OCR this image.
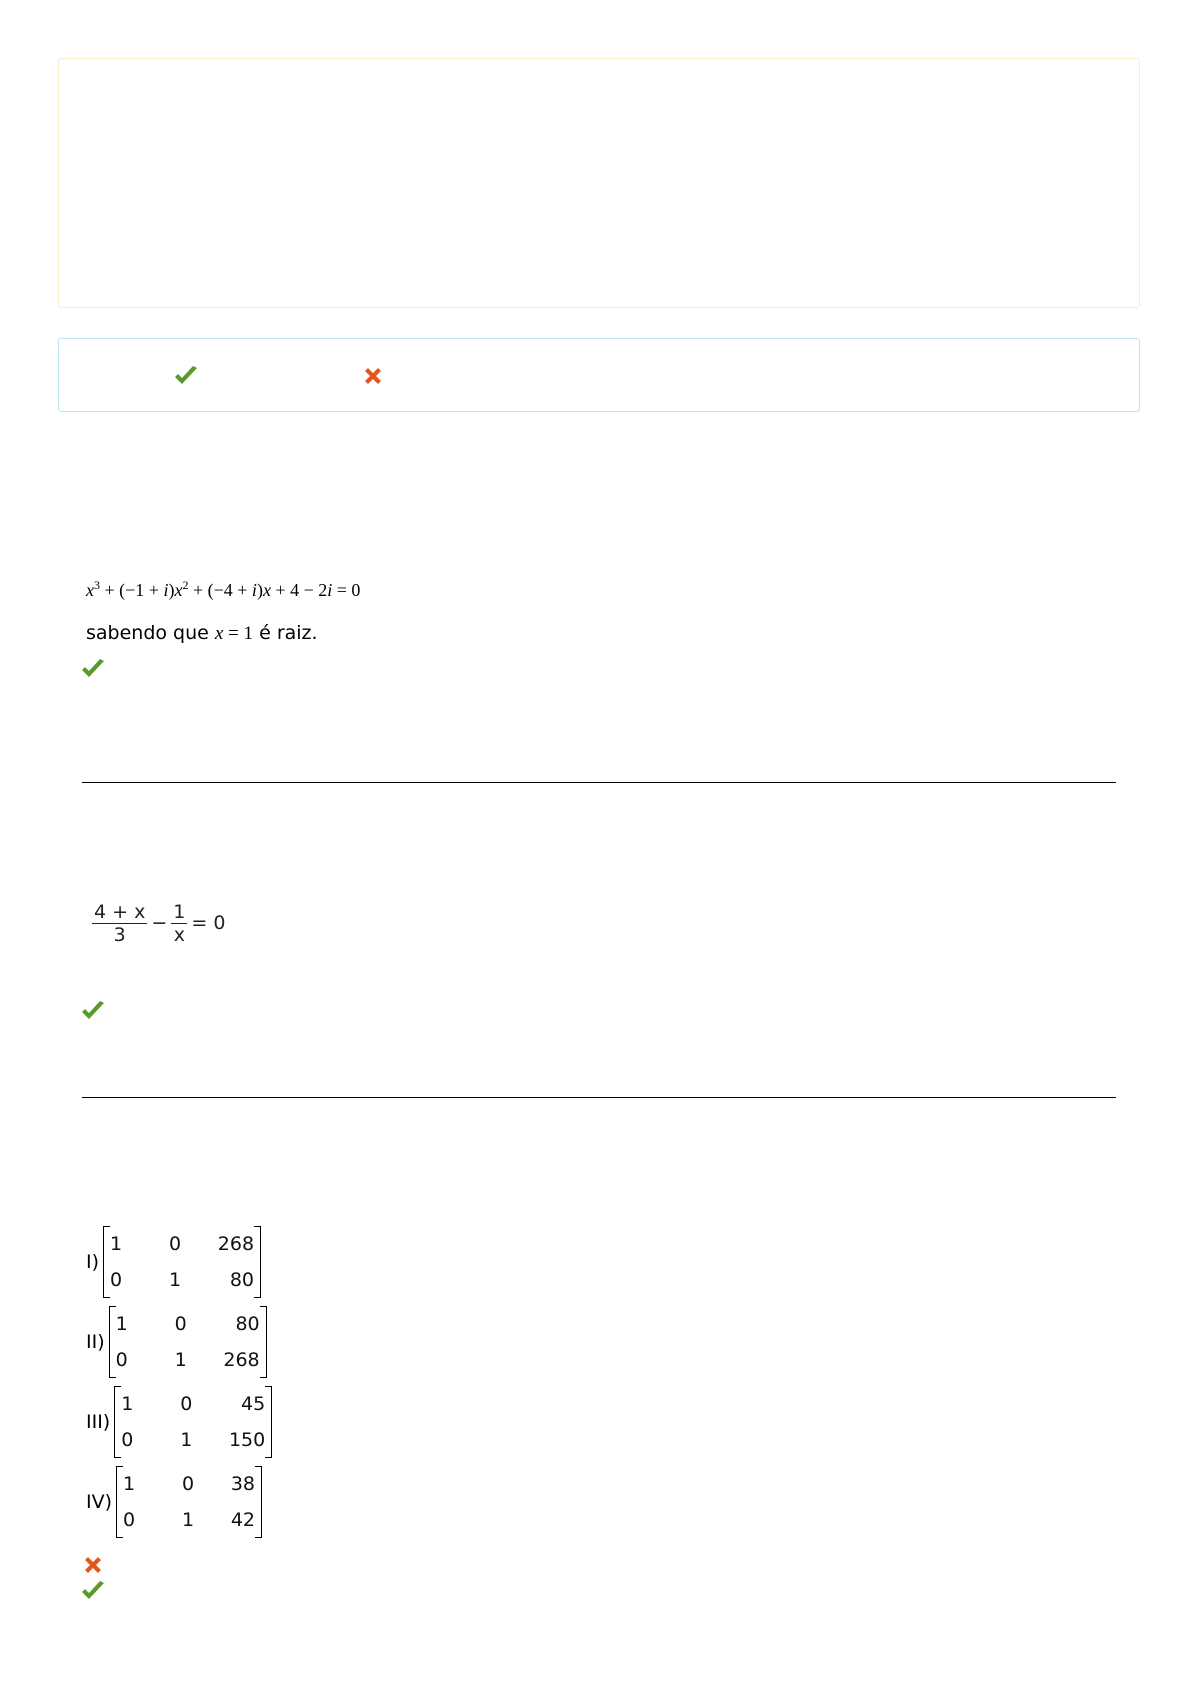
$x^3 + (-1 + i)x^2 + (-4 + i)x + 4 - 2i = 0$
sabendo que x = 1 é raiz.
$\frac{4 + x}{3} - \frac{1}{x} = 0$
I)
1	0	268
0	1	80
II)
1	0	80
0	1	268
III)
1	0	45
0	1	150
IV)
1	0	38
0	1	42
